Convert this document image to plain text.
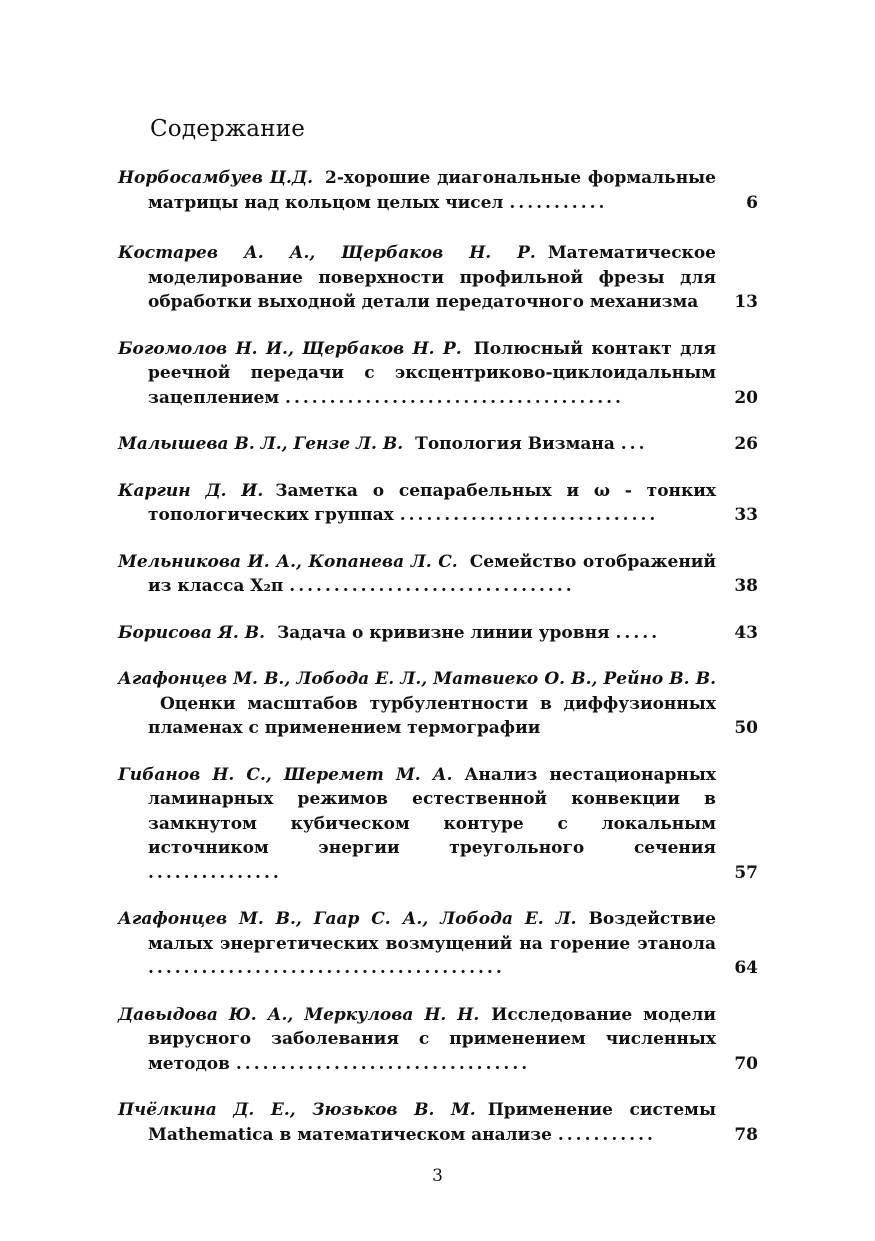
Содержание
Норбосамбуев Ц.Д. 2-хорошие диагональные формальные матрицы над кольцом целых чисел ...........	6
Костарев А. А., Щербаков Н. Р. Математическое моделирование поверхности профильной фрезы для обработки выходной детали передаточного механизма	13
Богомолов Н. И., Щербаков Н. Р. Полюсный контакт для реечной передачи с эксцентриково-циклоидальным зацеплением ......................................	20
Малышева В. Л., Гензе Л. В. Топология Визмана ...	26
Каргин Д. И. Заметка о сепарабельных и ω - тонких топологических группах .............................	33
Мельникова И. А., Копанева Л. С. Семейство отображений из класса X₂π ................................	38
Борисова Я. В. Задача о кривизне линии уровня .....	43
Агафонцев М. В., Лобода Е. Л., Матвиеко О. В., Рейно В. В.Оценки масштабов турбулентности в диффузионных пламенах с применением термографии	50
Гибанов Н. С., Шеремет М. А. Анализ нестационарных ламинарных режимов естественной конвекции в замкнутом кубическом контуре с локальным источником энергии треугольного сечения ...............	57
Агафонцев М. В., Гаар С. А., Лобода Е. Л. Воздействие малых энергетических возмущений на горение этанола ........................................	64
Давыдова Ю. А., Меркулова Н. Н. Исследование модели вирусного заболевания с применением численных методов .................................	70
Пчёлкина Д. Е., Зюзьков В. М. Применение системы Mathematica в математическом анализе ...........	78
3
